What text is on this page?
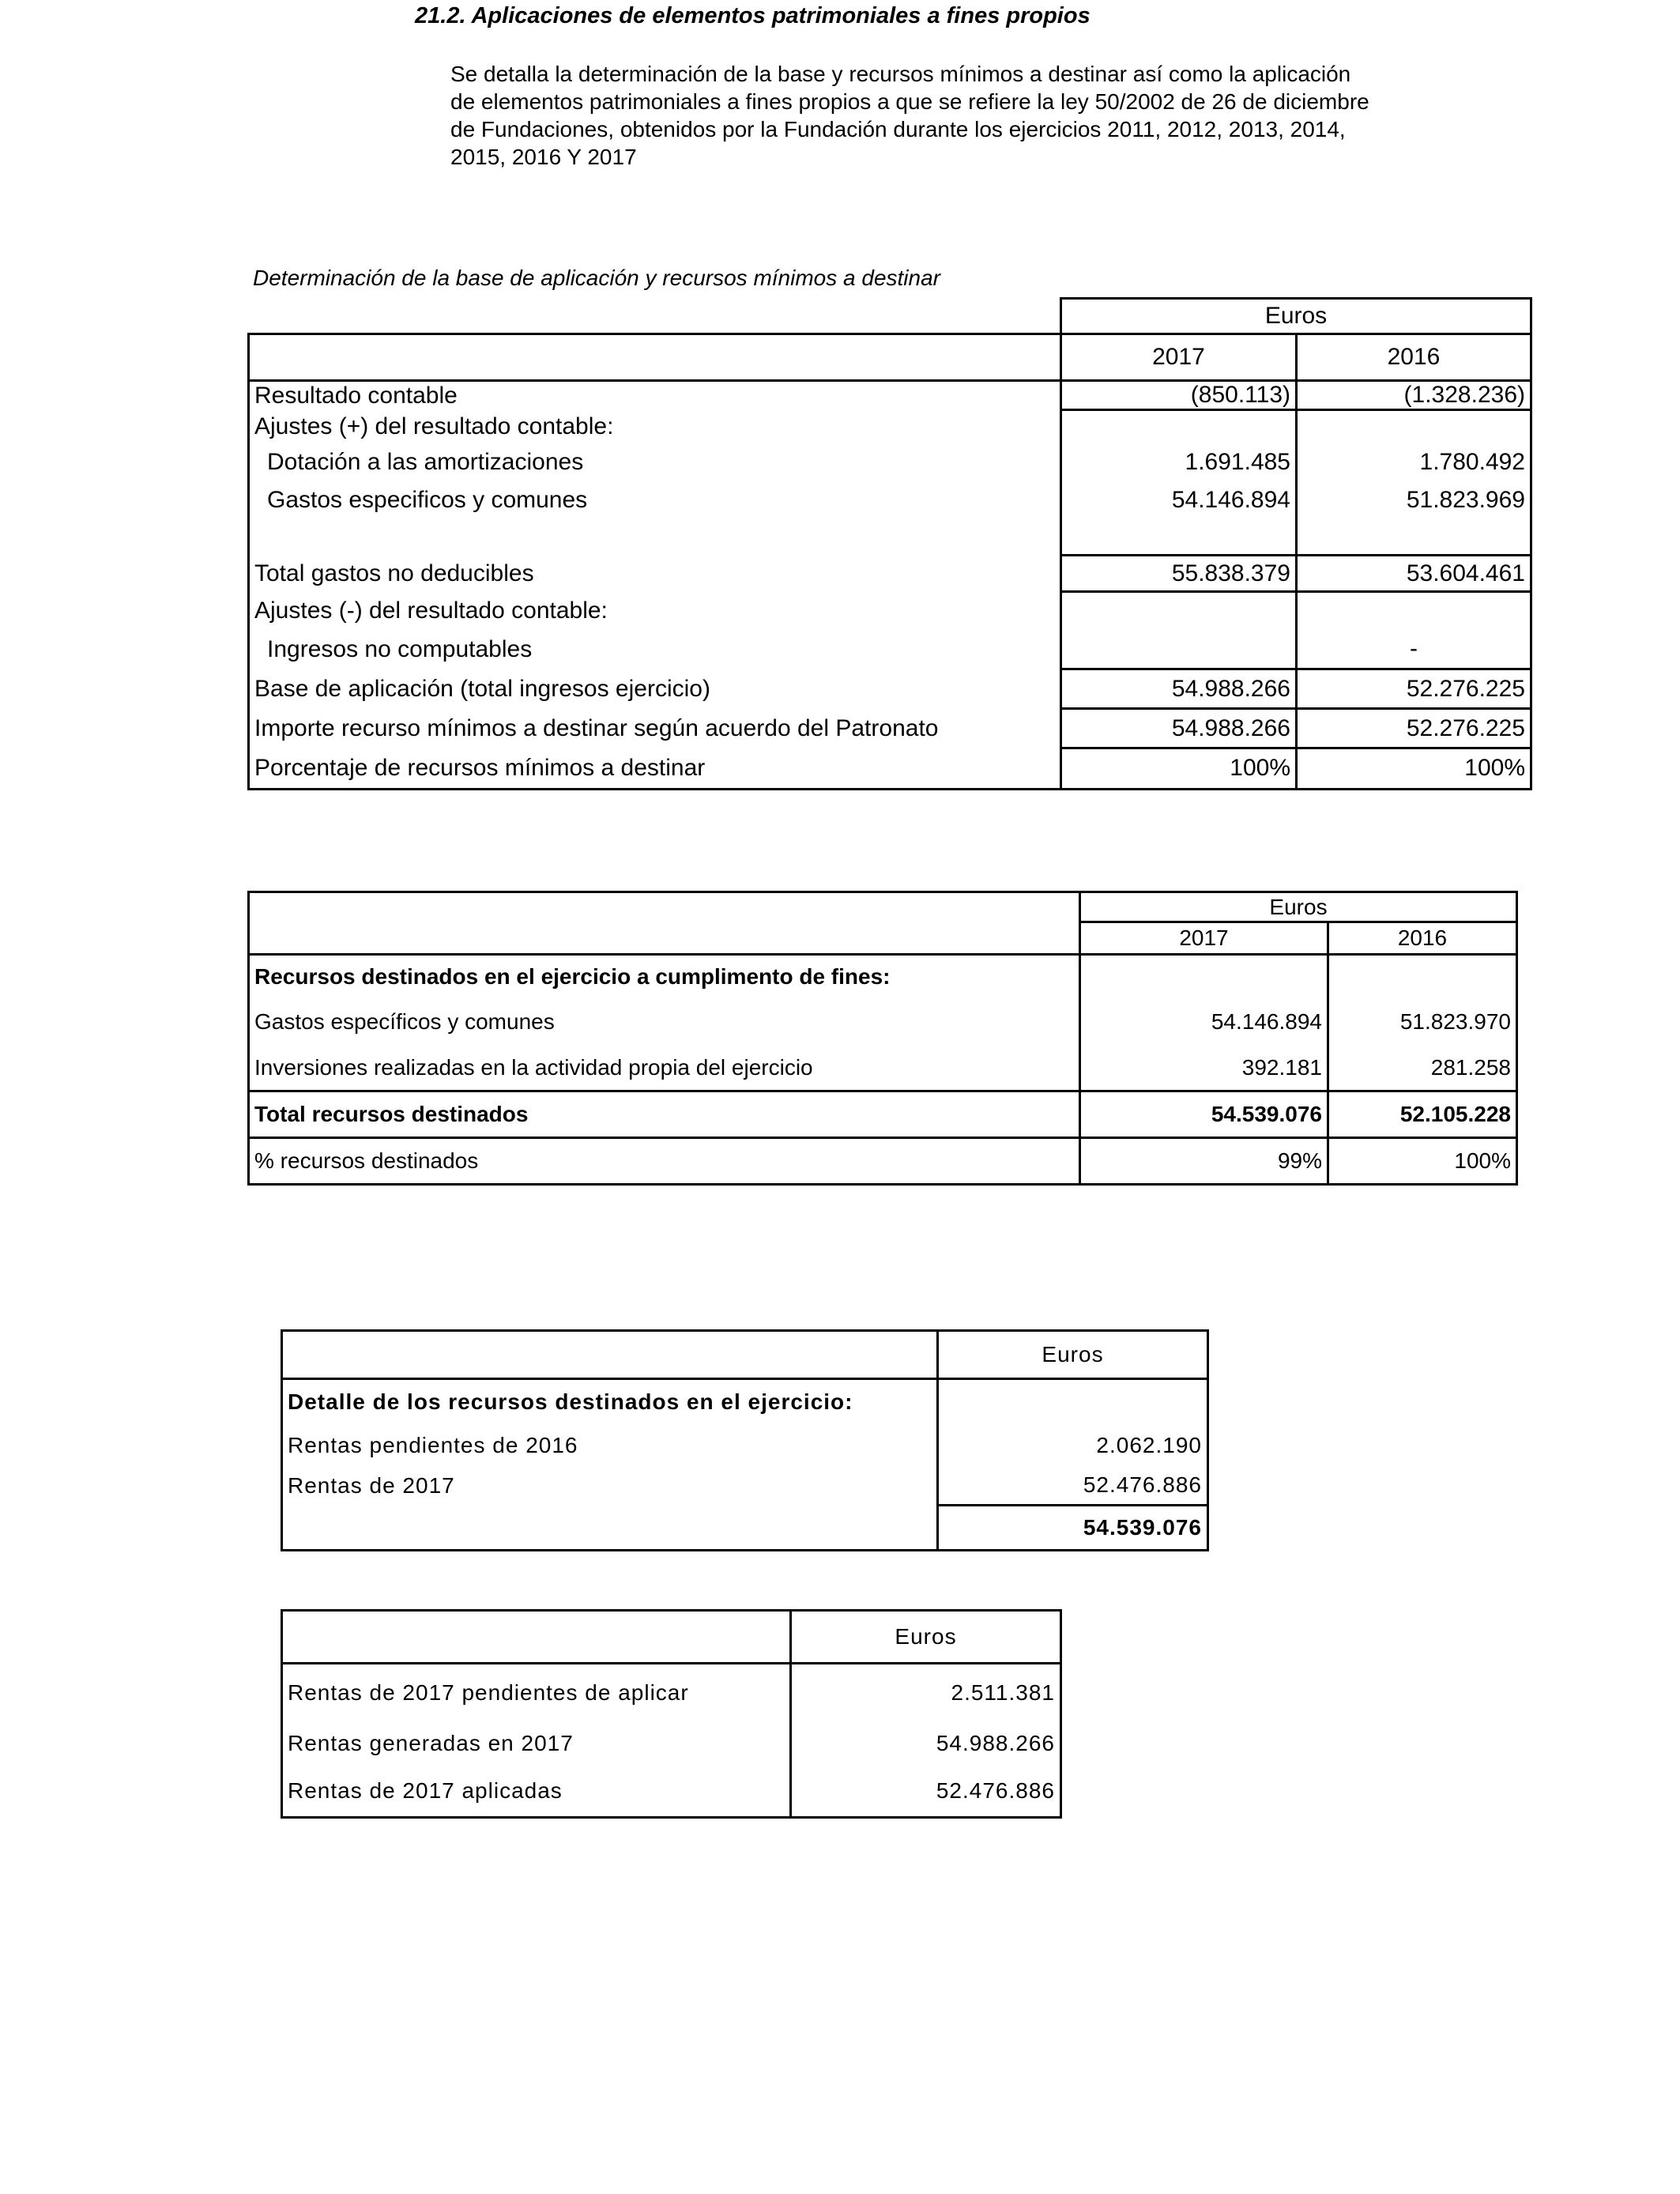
21.2. Aplicaciones de elementos patrimoniales a fines propios
Se detalla la determinación de la base y recursos mínimos a destinar así como la aplicación
de elementos patrimoniales a fines propios a que se refiere la ley 50/2002 de 26 de diciembre
de Fundaciones, obtenidos por la Fundación durante los ejercicios 2011, 2012, 2013, 2014,
2015, 2016 Y 2017
Determinación de la base de aplicación y recursos mínimos a destinar
	Euros	
	2017	2016
Resultado contable	(850.113)	(1.328.236)
Ajustes (+) del resultado contable:		
Dotación a las amortizaciones	1.691.485	1.780.492
Gastos especificos y comunes	54.146.894	51.823.969

Total gastos no deducibles	55.838.379	53.604.461
Ajustes (-) del resultado contable:		
Ingresos no computables		-
Base de aplicación (total ingresos ejercicio)	54.988.266	52.276.225
Importe recurso mínimos a destinar según acuerdo del Patronato	54.988.266	52.276.225
Porcentaje de recursos mínimos a destinar	100%	100%
	Euros	
	2017	2016
Recursos destinados en el ejercicio a cumplimento de fines:		
Gastos específicos y comunes	54.146.894	51.823.970
Inversiones realizadas en la actividad propia del ejercicio	392.181	281.258
Total recursos destinados	54.539.076	52.105.228
% recursos destinados	99%	100%
	Euros
Detalle de los recursos destinados en el ejercicio:	
Rentas pendientes de 2016	2.062.190
Rentas de 2017	52.476.886
	54.539.076
	Euros
Rentas de 2017 pendientes de aplicar	2.511.381
Rentas generadas en 2017	54.988.266
Rentas de 2017 aplicadas	52.476.886
